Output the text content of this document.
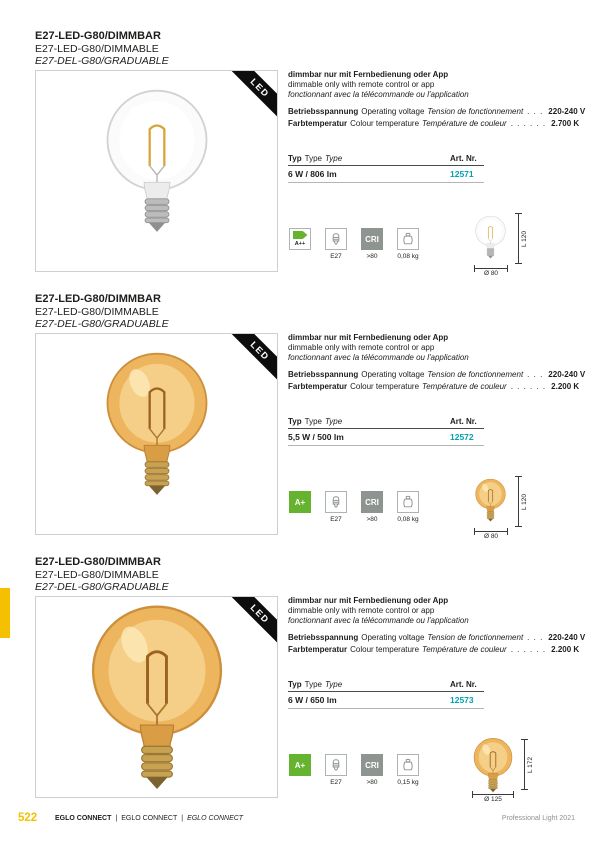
E27-LED-G80/DIMMBAR
E27-LED-G80/DIMMABLE
E27-DEL-G80/GRADUABLE
LED
dimmbar nur mit Fernbedienung oder App
dimmable only with remote control or app
fonctionnant avec la télécommande ou l'application
Betriebsspannung Operating voltage Tension de fonctionnement . . . 220-240 V
Farbtemperatur Colour temperature Température de couleur . . . . . . 2.700 K
Typ Type Type	Art. Nr.
6 W / 806 lm	12571
A++
E27
CRI
>80	0,08 kg
L 120
Ø 80
E27-LED-G80/DIMMBAR
E27-LED-G80/DIMMABLE
E27-DEL-G80/GRADUABLE
LED
dimmbar nur mit Fernbedienung oder App
dimmable only with remote control or app
fonctionnant avec la télécommande ou l'application
Betriebsspannung Operating voltage Tension de fonctionnement . . . 220-240 V
Farbtemperatur Colour temperature Température de couleur . . . . . . 2.200 K
Typ Type Type	Art. Nr.
5,5 W / 500 lm	12572
A+
E27
CRI
>80	0,08 kg
L 120
Ø 80
E27-LED-G80/DIMMBAR
E27-LED-G80/DIMMABLE
E27-DEL-G80/GRADUABLE
LED
dimmbar nur mit Fernbedienung oder App
dimmable only with remote control or app
fonctionnant avec la télécommande ou l'application
Betriebsspannung Operating voltage Tension de fonctionnement . . . 220-240 V
Farbtemperatur Colour temperature Température de couleur . . . . . . 2.200 K
Typ Type Type	Art. Nr.
6 W / 650 lm	12573
A+
E27
CRI
>80	0,15 kg
L 172
Ø 125
522	EGLO CONNECT | EGLO CONNECT | EGLO CONNECT	Professional Light 2021
